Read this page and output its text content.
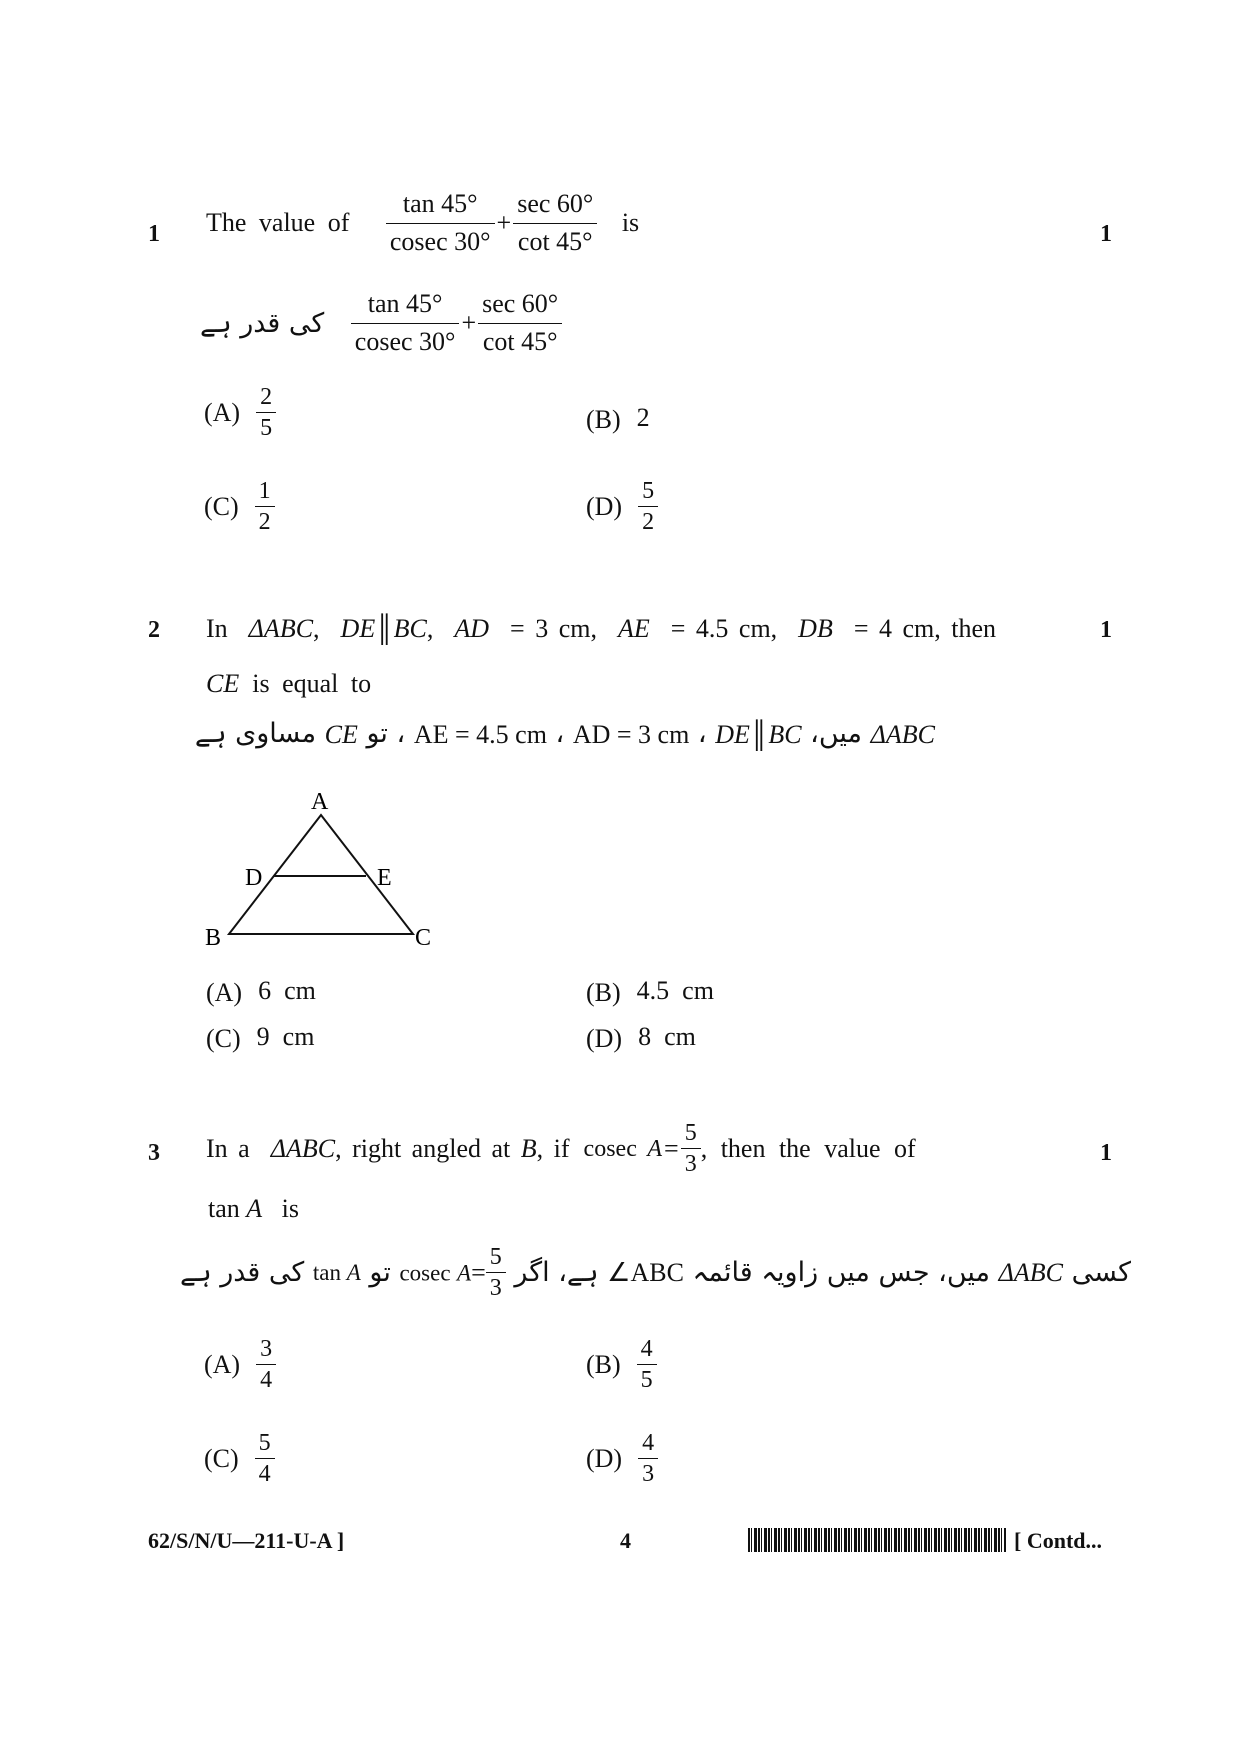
1	1
The value of $\frac{\tan 45^\circ}{cosec 30^\circ} + \frac{\sec 60^\circ}{\cot 45^\circ}$ is
کی قدر ہے $\frac{\tan 45^\circ}{cosec 30^\circ} + \frac{\sec 60^\circ}{\cot 45^\circ}$
$(A) \frac{2}{5}$	(B) 2
$(C) \frac{1}{2}$	$(D) \frac{5}{2}$
2	1
In ΔABC, DE║BC, AD = 3 cm, AE = 4.5 cm, DB = 4 cm, then
CE is equal to
ΔABC میں، DE║BC ، AD = 3 cm ، AE = 4.5 cm ، تو CE مساوی ہے
A
B	C
D	E
(A) 6  cm	(B) 4.5  cm
(C) 9  cm	(D) 8  cm
3	1
In a ΔABC, right angled at B, if cosec $A= \frac{5}{3}$ , then the value of
tan A is
کسی ΔABC میں، جس میں زاویہ قائمہ ∠ABC ہے، اگر cosec $A= \frac{5}{3}$
تو tan A کی قدر ہے
$(A) \frac{3}{4}$	$(B) \frac{4}{5}$
$(C) \frac{5}{4}$	$(D) \frac{4}{3}$
62/S/N/U—211-U-A ]	4	[ Contd...
